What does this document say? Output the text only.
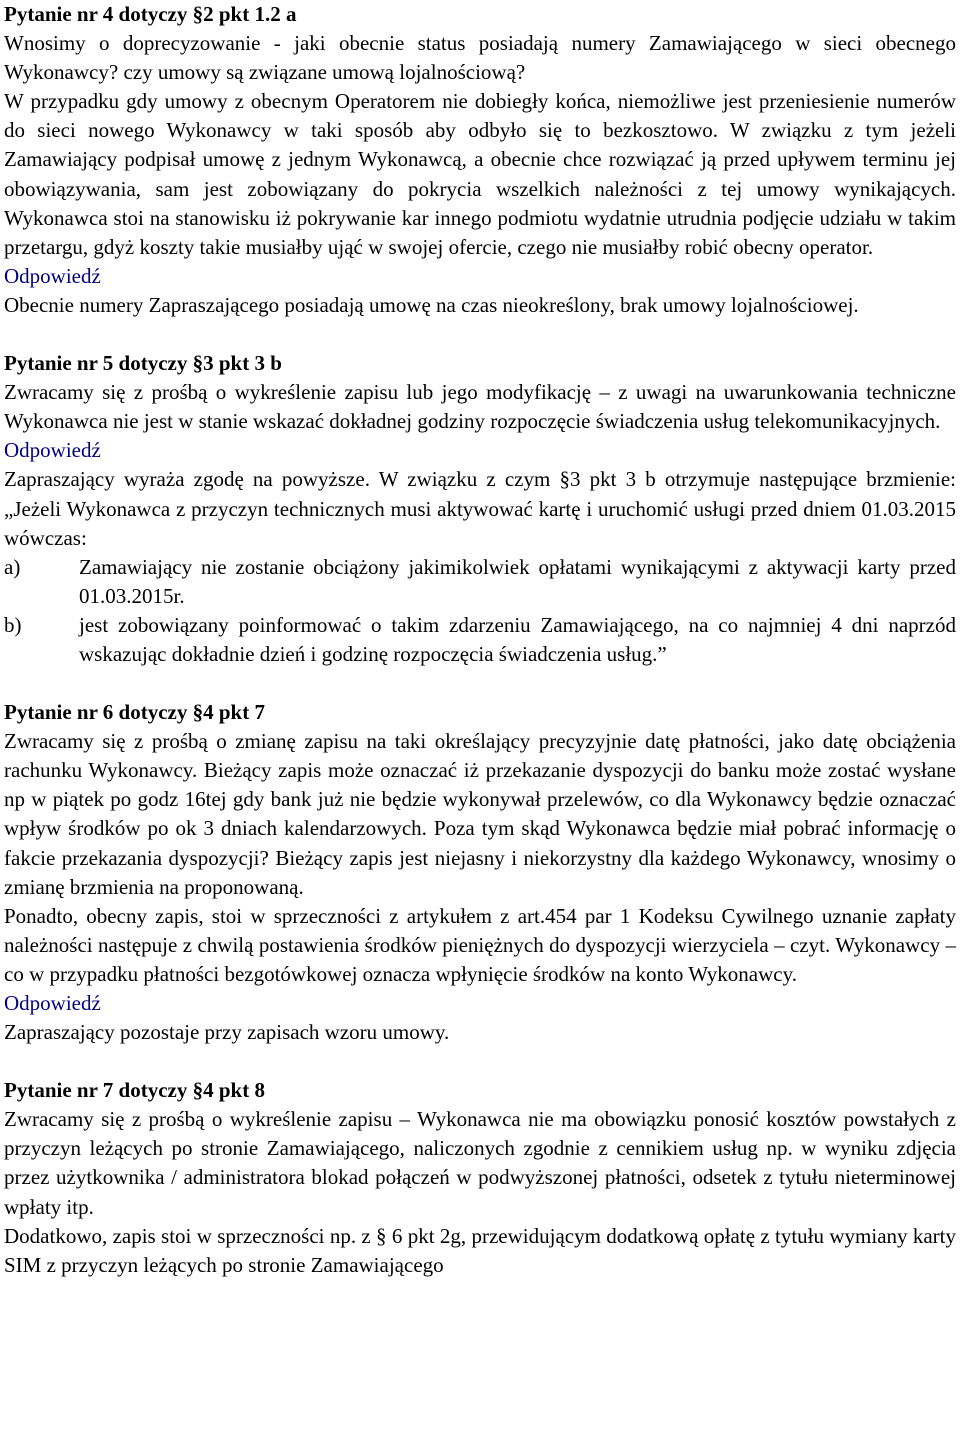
Pytanie nr 4 dotyczy §2 pkt 1.2 a

Wnosimy o doprecyzowanie - jaki obecnie status posiadają numery Zamawiającego w sieci obecnego Wykonawcy? czy umowy są związane umową lojalnościową?

W przypadku gdy umowy z obecnym Operatorem nie dobiegły końca, niemożliwe jest przeniesienie numerów do sieci nowego Wykonawcy w taki sposób aby odbyło się to bezkosztowo. W związku z tym jeżeli Zamawiający podpisał umowę z jednym Wykonawcą, a obecnie chce rozwiązać ją przed upływem terminu jej obowiązywania, sam jest zobowiązany do pokrycia wszelkich należności z tej umowy wynikających. Wykonawca stoi na stanowisku iż pokrywanie kar innego podmiotu wydatnie utrudnia podjęcie udziału w takim przetargu, gdyż koszty takie musiałby ująć w swojej ofercie, czego nie musiałby robić obecny operator.

Odpowiedź

Obecnie numery Zapraszającego posiadają umowę na czas nieokreślony, brak umowy lojalnościowej.

Pytanie nr 5 dotyczy §3 pkt 3 b

Zwracamy się z prośbą o wykreślenie zapisu lub jego modyfikację – z uwagi na uwarunkowania techniczne Wykonawca nie jest w stanie wskazać dokładnej godziny rozpoczęcie świadczenia usług telekomunikacyjnych.

Odpowiedź

Zapraszający wyraża zgodę na powyższe. W związku z czym §3 pkt 3 b otrzymuje następujące brzmienie: „Jeżeli Wykonawca z przyczyn technicznych musi aktywować kartę i uruchomić usługi przed dniem 01.03.2015 wówczas:

a)	Zamawiający nie zostanie obciążony jakimikolwiek opłatami wynikającymi z aktywacji karty przed 01.03.2015r.
b)	jest zobowiązany poinformować o takim zdarzeniu Zamawiającego, na co najmniej 4 dni naprzód wskazując dokładnie dzień i godzinę rozpoczęcia świadczenia usług.”

Pytanie nr 6 dotyczy §4 pkt 7

Zwracamy się z prośbą o zmianę zapisu na taki określający precyzyjnie datę płatności, jako datę obciążenia rachunku Wykonawcy. Bieżący zapis może oznaczać iż przekazanie dyspozycji do banku może zostać wysłane np w piątek po godz 16tej gdy bank już nie będzie wykonywał przelewów, co dla Wykonawcy będzie oznaczać wpływ środków po ok 3 dniach kalendarzowych. Poza tym skąd Wykonawca będzie miał pobrać informację o fakcie przekazania dyspozycji? Bieżący zapis jest niejasny i niekorzystny dla każdego Wykonawcy, wnosimy o zmianę brzmienia na proponowaną.

Ponadto, obecny zapis, stoi w sprzeczności z artykułem z art.454 par 1 Kodeksu Cywilnego uznanie zapłaty należności następuje z chwilą postawienia środków pieniężnych do dyspozycji wierzyciela – czyt. Wykonawcy – co w przypadku płatności bezgotówkowej oznacza wpłynięcie środków na konto Wykonawcy.

Odpowiedź

Zapraszający pozostaje przy zapisach wzoru umowy.

Pytanie nr 7 dotyczy §4 pkt 8

Zwracamy się z prośbą o wykreślenie zapisu – Wykonawca nie ma obowiązku ponosić kosztów powstałych z przyczyn leżących po stronie Zamawiającego, naliczonych zgodnie z cennikiem usług np. w wyniku zdjęcia przez użytkownika / administratora blokad połączeń w podwyższonej płatności, odsetek z tytułu nieterminowej wpłaty itp.

Dodatkowo, zapis stoi w sprzeczności np. z § 6 pkt 2g, przewidującym dodatkową opłatę z tytułu wymiany karty SIM z przyczyn leżących po stronie Zamawiającego
